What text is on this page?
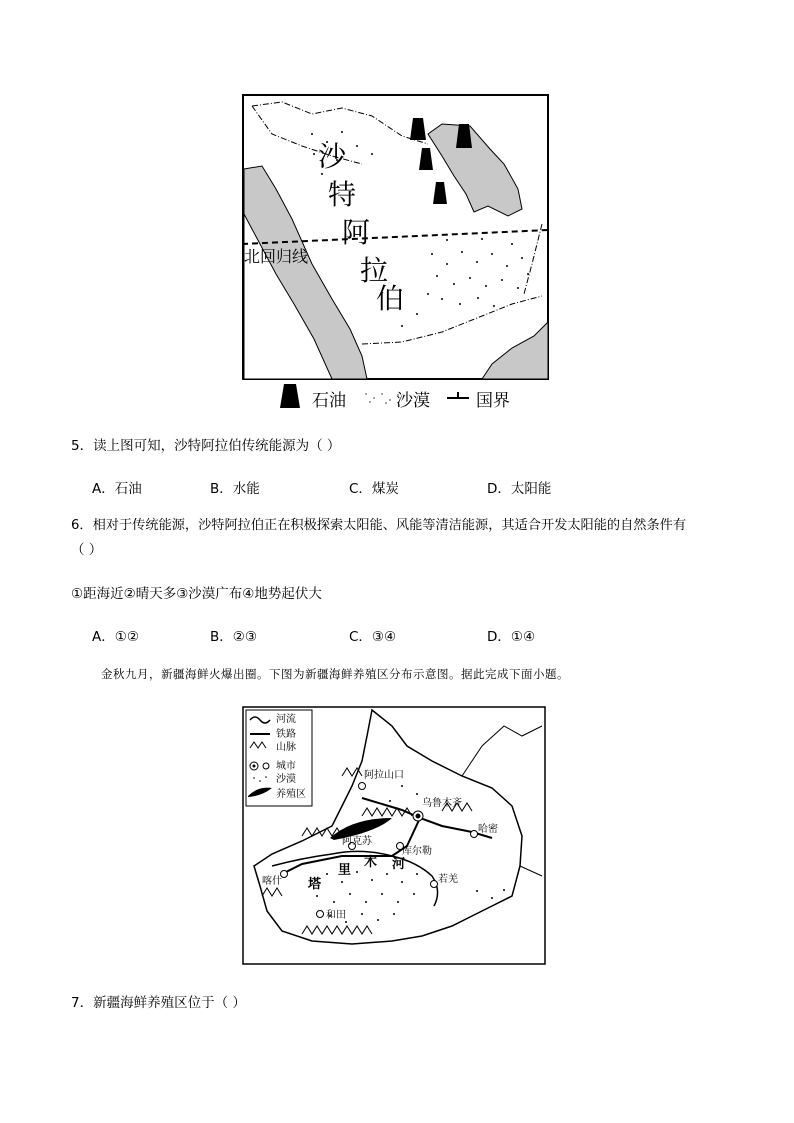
沙
特
阿
拉
伯
北回归线
石油	沙漠	国界
5．读上图可知，沙特阿拉伯传统能源为（ ）
A．石油	B．水能	C．煤炭	D．太阳能
6．相对于传统能源，沙特阿拉伯正在积极探索太阳能、风能等清洁能源，其适合开发太阳能的自然条件有
（ ）
①距海近②晴天多③沙漠广布④地势起伏大
A．①②	B．②③	C．③④	D．①④
金秋九月，新疆海鲜火爆出圈。下图为新疆海鲜养殖区分布示意图。据此完成下面小题。
阿拉山口
乌鲁木齐
哈密
阿克苏
库尔勒
喀什	若羌
和田
塔
里
木 河
河流
铁路
山脉
城市
沙漠
养殖区
7．新疆海鲜养殖区位于（ ）
